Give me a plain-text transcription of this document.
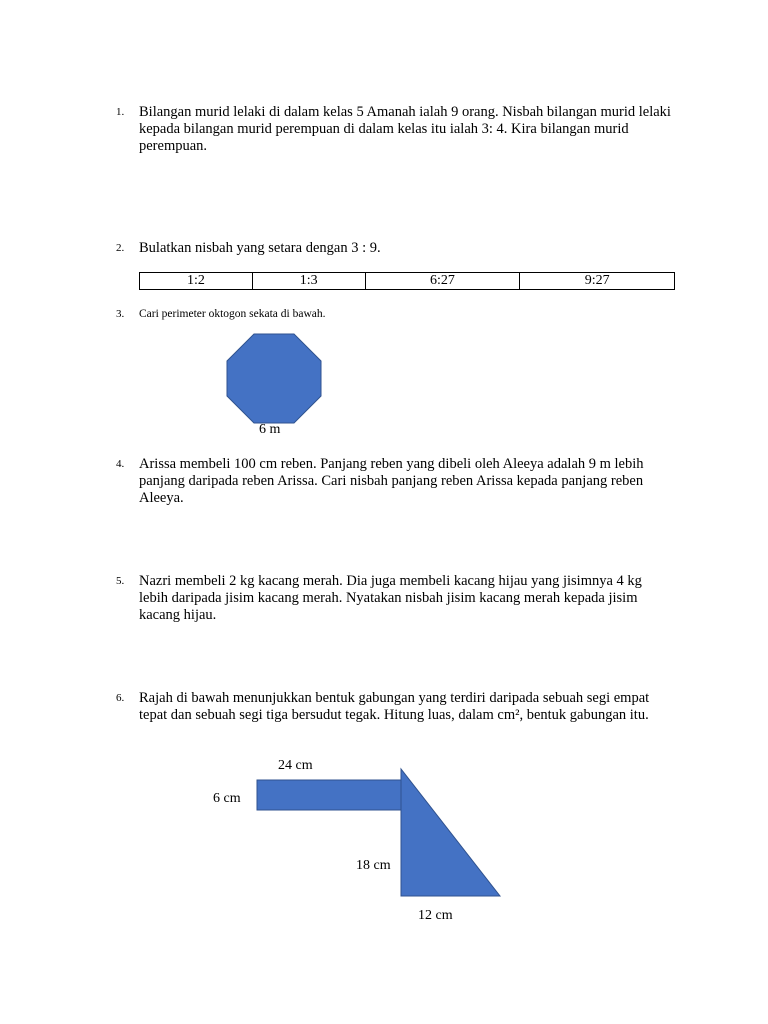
1. Bilangan murid lelaki di dalam kelas 5 Amanah ialah 9 orang. Nisbah bilangan murid lelaki kepada bilangan murid perempuan di dalam kelas itu ialah 3: 4. Kira bilangan murid perempuan.
2. Bulatkan nisbah yang setara dengan 3 : 9.
1:2	1:3	6:27	9:27
3. Cari perimeter oktogon sekata di bawah.
4. Arissa membeli 100 cm reben. Panjang reben yang dibeli oleh Aleeya adalah 9 m lebih panjang daripada reben Arissa. Cari nisbah panjang reben Arissa kepada panjang reben Aleeya.
5. Nazri membeli 2 kg kacang merah. Dia juga membeli kacang hijau yang jisimnya 4 kg lebih daripada jisim kacang merah. Nyatakan nisbah jisim kacang merah kepada jisim kacang hijau.
6. Rajah di bawah menunjukkan bentuk gabungan yang terdiri daripada sebuah segi empat tepat dan sebuah segi tiga bersudut tegak. Hitung luas, dalam cm², bentuk gabungan itu.
6 m
24 cm
6 cm
18 cm
12 cm
